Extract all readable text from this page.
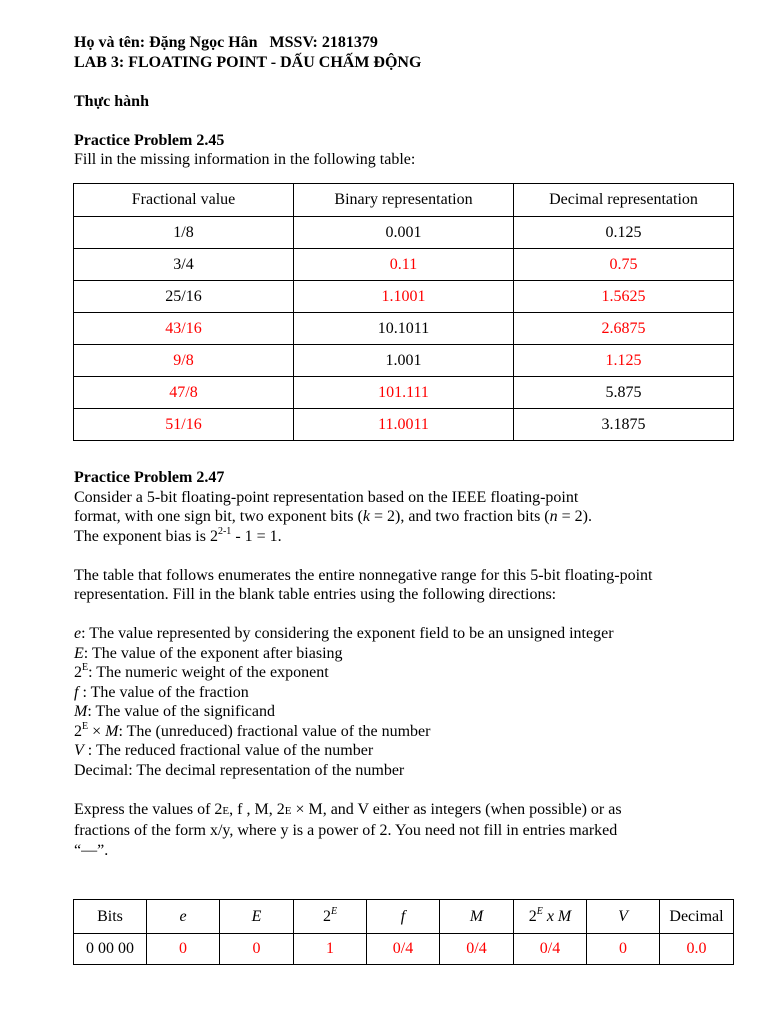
Họ và tên: Đặng Ngọc Hân   MSSV: 2181379

LAB 3: FLOATING POINT - DẤU CHẤM ĐỘNG

Thực hành

Practice Problem 2.45

Fill in the missing information in the following table:

Fractional value	Binary representation	Decimal representation
1/8	0.001	0.125
3/4	0.11	0.75
25/16	1.1001	1.5625
43/16	10.1011	2.6875
9/8	1.001	1.125
47/8	101.111	5.875
51/16	11.0011	3.1875

Practice Problem 2.47

Consider a 5-bit floating-point representation based on the IEEE floating-point

format, with one sign bit, two exponent bits (k = 2), and two fraction bits (n = 2).

The exponent bias is 2$^{2-1}$ - 1 = 1.

The table that follows enumerates the entire nonnegative range for this 5-bit floating-point

representation. Fill in the blank table entries using the following directions:

e: The value represented by considering the exponent field to be an unsigned integer

E: The value of the exponent after biasing

$2^E$: The numeric weight of the exponent

f : The value of the fraction

M: The value of the significand

$2^E \times M$: The (unreduced) fractional value of the number

V : The reduced fractional value of the number

Decimal: The decimal representation of the number

Express the values of 2E, f , M, 2E × M, and V either as integers (when possible) or as

fractions of the form x/y, where y is a power of 2. You need not fill in entries marked

“—”.

Bits	e	E	$2^E$	f	M	$2^E$ x M	V	Decimal
0 00 00	0	0	1	0/4	0/4	0/4	0	0.0
